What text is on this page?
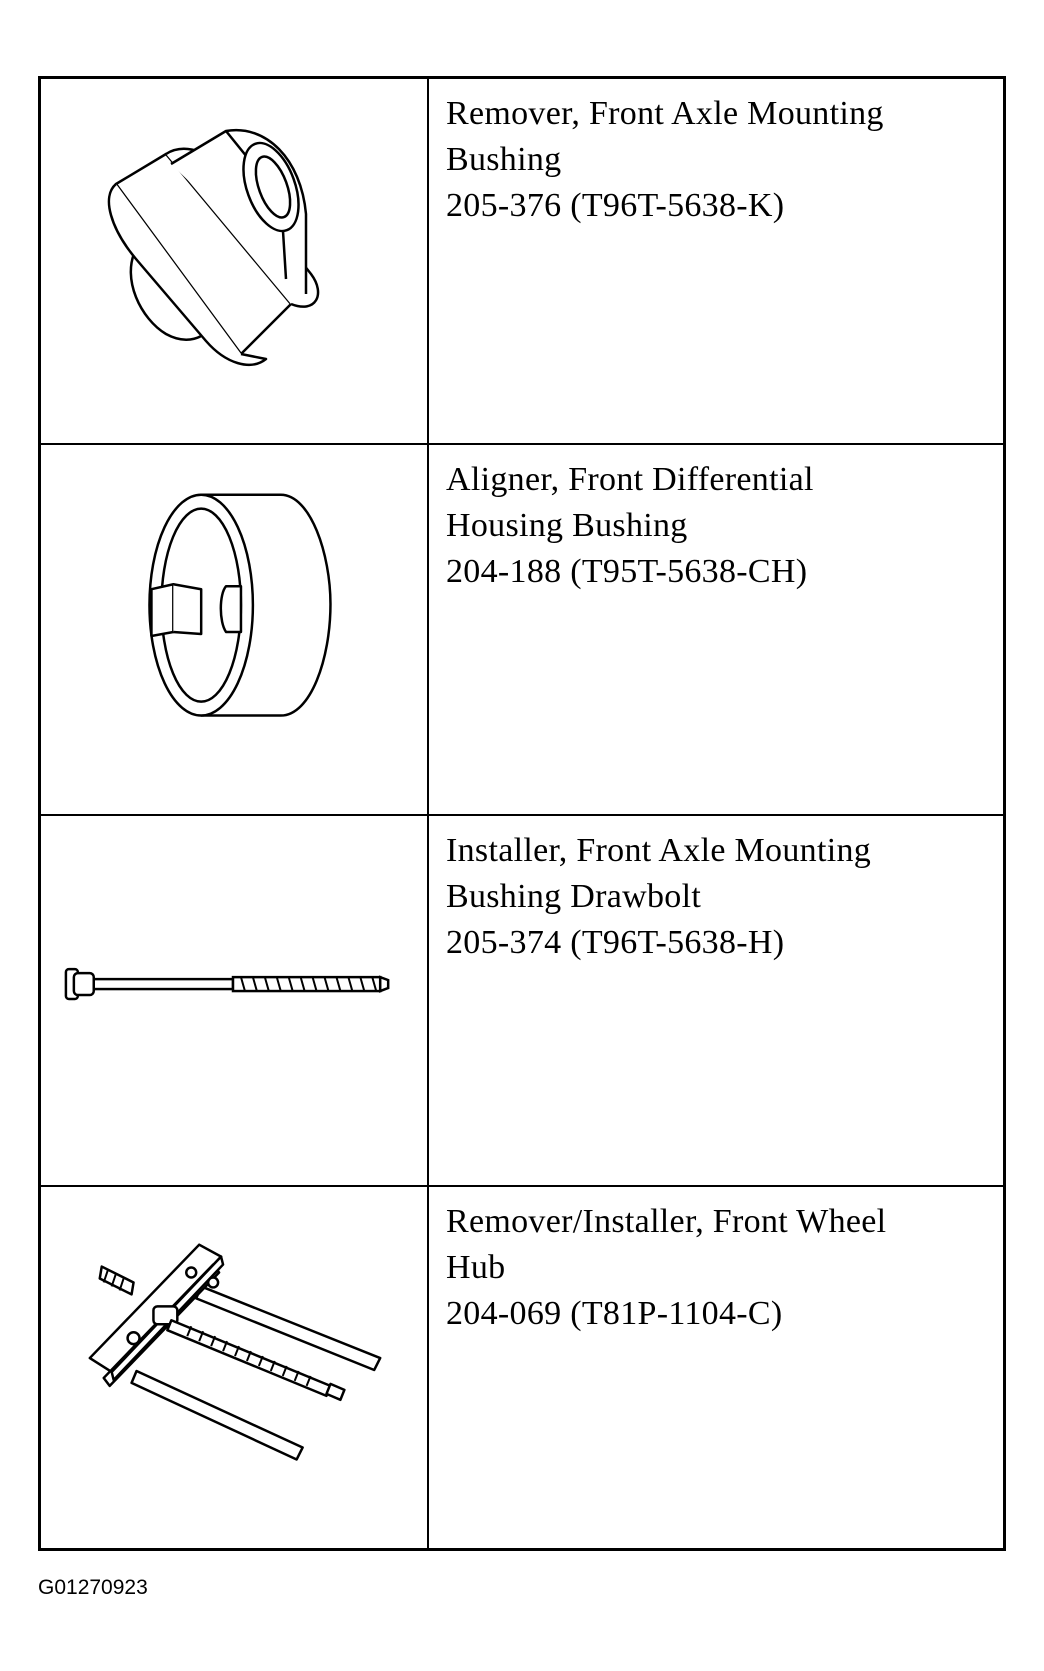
Remover, Front Axle Mounting
Bushing
205-376 (T96T-5638-K)
Aligner, Front Differential
Housing Bushing
204-188 (T95T-5638-CH)
Installer, Front Axle Mounting
Bushing Drawbolt
205-374 (T96T-5638-H)
Remover/Installer, Front Wheel
Hub
204-069 (T81P-1104-C)
G01270923
